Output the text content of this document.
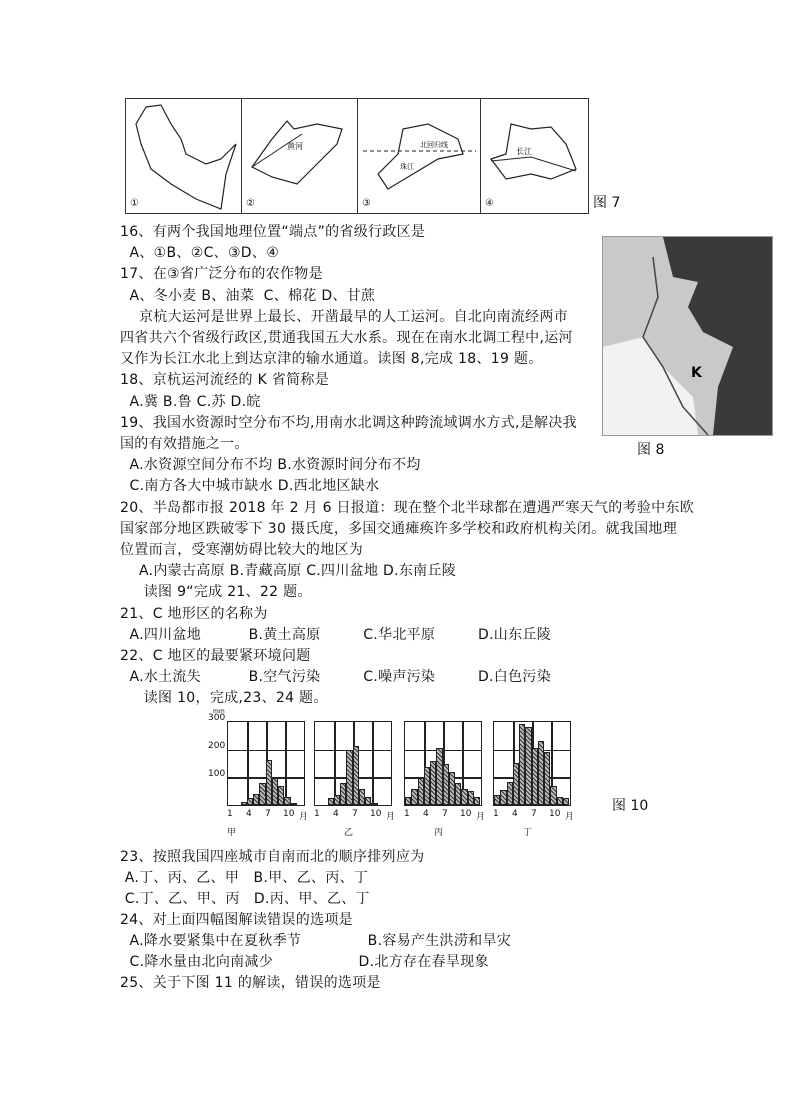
①
黄河
②
北回归线
珠江
③
长江
④	图 7
K
图 8
16、有两个我国地理位置“端点”的省级行政区是
A、①B、②C、③D、④
17、在③省广泛分布的农作物是
A、冬小麦 B、油菜  C、棉花 D、甘蔗
京杭大运河是世界上最长、开凿最早的人工运河。自北向南流经两市
四省共六个省级行政区,贯通我国五大水系。现在在南水北调工程中,运河
又作为长江水北上到达京津的输水通道。读图 8,完成 18、19 题。
18、京杭运河流经的 K 省简称是
A.冀 B.鲁 C.苏 D.皖
19、我国水资源时空分布不均,用南水北调这种跨流域调水方式,是解决我
国的有效措施之一。
A.水资源空间分布不均 B.水资源时间分布不均
C.南方各大中城市缺水 D.西北地区缺水
20、半岛都市报 2018 年 2 月 6 日报道：现在整个北半球都在遭遇严寒天气的考验中东欧
国家部分地区跌破零下 30 摄氏度，多国交通瘫痪许多学校和政府机构关闭。就我国地理
位置而言，受寒潮妨碍比较大的地区为
A.内蒙古高原 B.青藏高原 C.四川盆地 D.东南丘陵
读图 9“完成 21、22 题。
21、C 地形区的名称为
A.四川盆地          B.黄土高原         C.华北平原         D.山东丘陵
22、C 地区的最要紧环境问题
A.水土流失          B.空气污染         C.噪声污染         D.白色污染
读图 10，完成,23、24 题。
mm
100
200
300
1 4 7 10 月
甲
1 4 7 10 月
乙
1 4 7 10 月
丙
1 4 7 10 月
丁
图 10
23、按照我国四座城市自南而北的顺序排列应为
A.丁、丙、乙、甲   B.甲、乙、丙、丁
C.丁、乙、甲、丙   D.丙、甲、乙、丁
24、对上面四幅图解读错误的选项是
A.降水要紧集中在夏秋季节              B.容易产生洪涝和旱灾
C.降水量由北向南减少                  D.北方存在春旱现象
25、关于下图 11 的解读，错误的选项是
